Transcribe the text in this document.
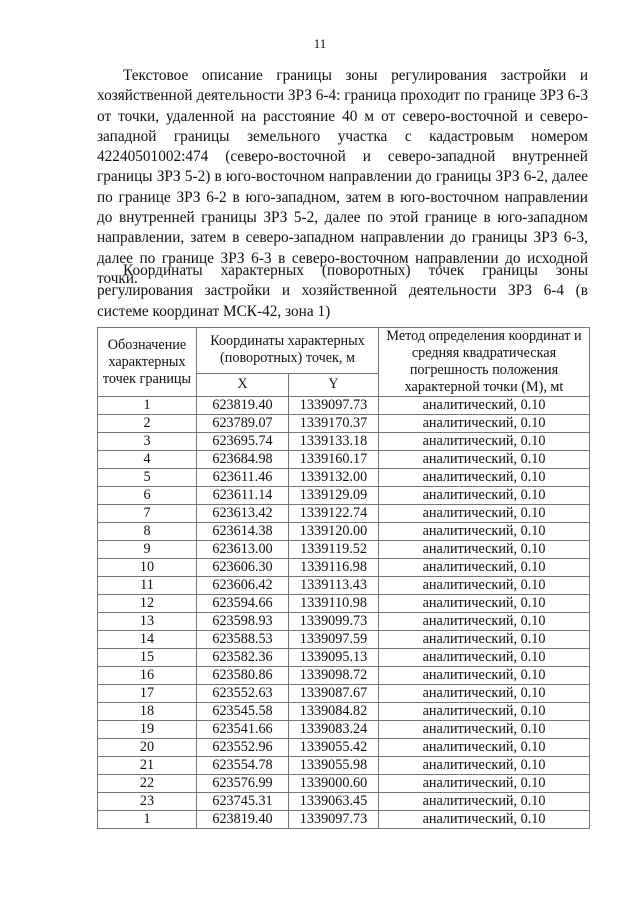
11

Текстовое описание границы зоны регулирования застройки и хозяйственной деятельности ЗРЗ 6-4: граница проходит по границе ЗРЗ 6-3 от точки, удаленной на расстояние 40 м от северо-восточной и северо-западной границы земельного участка с кадастровым номером 42240501002:474 (северо-восточной и северо-западной внутренней границы ЗРЗ 5-2) в юго-восточном направлении до границы ЗРЗ 6-2, далее по границе ЗРЗ 6-2 в юго-западном, затем в юго-восточном направлении до внутренней границы ЗРЗ 5-2, далее по этой границе в юго-западном направлении, затем в северо-западном направлении до границы ЗРЗ 6-3, далее по границе ЗРЗ 6-3 в северо-восточном направлении до исходной точки.

Координаты характерных (поворотных) точек границы зоны регулирования застройки и хозяйственной деятельности ЗРЗ 6-4 (в системе координат МСК-42, зона 1)

Обозначение характерных точек границы	Координаты характерных (поворотных) точек, м		Метод определения координат и средняя квадратическая погрешность положения характерной точки (М), мt
	X	Y	
1	623819.40	1339097.73	аналитический, 0.10
2	623789.07	1339170.37	аналитический, 0.10
3	623695.74	1339133.18	аналитический, 0.10
4	623684.98	1339160.17	аналитический, 0.10
5	623611.46	1339132.00	аналитический, 0.10
6	623611.14	1339129.09	аналитический, 0.10
7	623613.42	1339122.74	аналитический, 0.10
8	623614.38	1339120.00	аналитический, 0.10
9	623613.00	1339119.52	аналитический, 0.10
10	623606.30	1339116.98	аналитический, 0.10
11	623606.42	1339113.43	аналитический, 0.10
12	623594.66	1339110.98	аналитический, 0.10
13	623598.93	1339099.73	аналитический, 0.10
14	623588.53	1339097.59	аналитический, 0.10
15	623582.36	1339095.13	аналитический, 0.10
16	623580.86	1339098.72	аналитический, 0.10
17	623552.63	1339087.67	аналитический, 0.10
18	623545.58	1339084.82	аналитический, 0.10
19	623541.66	1339083.24	аналитический, 0.10
20	623552.96	1339055.42	аналитический, 0.10
21	623554.78	1339055.98	аналитический, 0.10
22	623576.99	1339000.60	аналитический, 0.10
23	623745.31	1339063.45	аналитический, 0.10
1	623819.40	1339097.73	аналитический, 0.10
